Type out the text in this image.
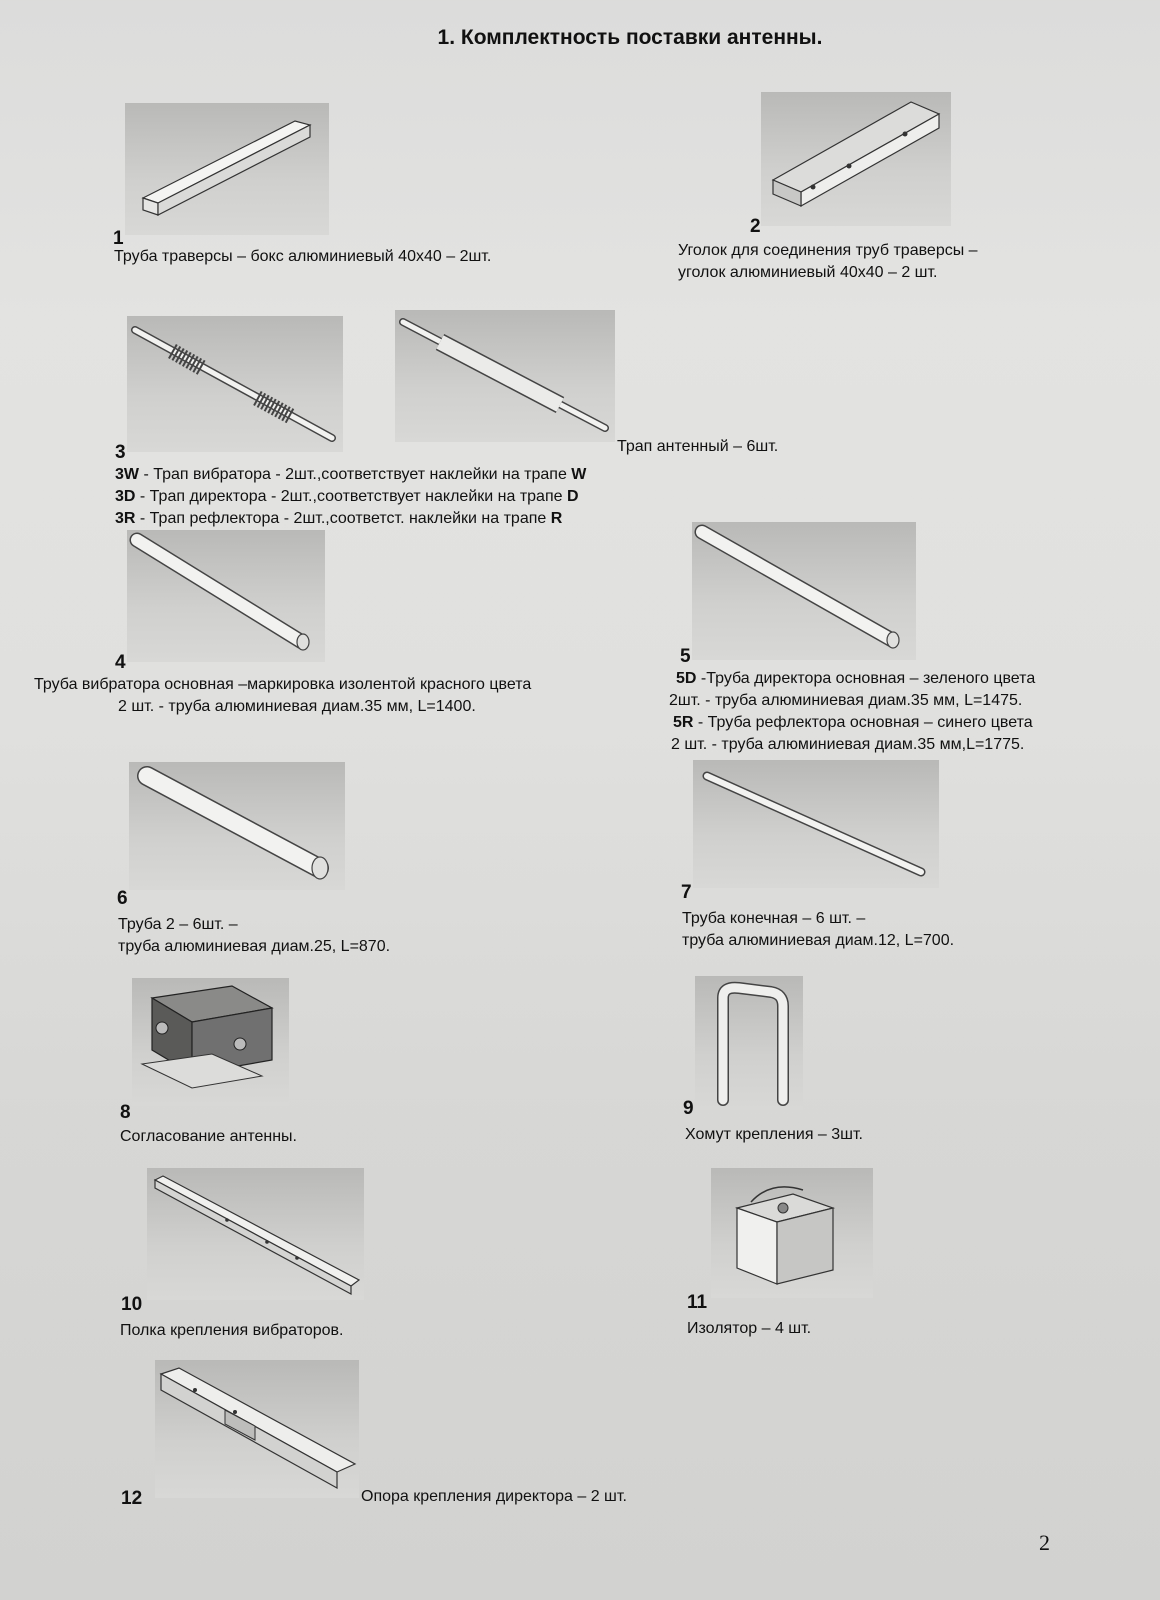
1. Комплектность поставки антенны.
1
Труба траверсы – бокс алюминиевый 40х40 – 2шт.
2
Уголок для соединения труб траверсы –
уголок алюминиевый 40х40 – 2 шт.
3	Трап антенный – 6шт.
3W - Трап вибратора - 2шт.,соответствует наклейки на трапе W
3D - Трап директора - 2шт.,соответствует наклейки на трапе D
3R - Трап рефлектора - 2шт.,соответст. наклейки на трапе R
4
Труба вибратора основная –маркировка изолентой красного цвета
2 шт. - труба алюминиевая диам.35 мм, L=1400.
5
5D -Труба директора основная – зеленого цвета
2шт. - труба алюминиевая диам.35 мм, L=1475.
5R - Труба рефлектора основная – синего цвета
2 шт. - труба алюминиевая диам.35 мм,L=1775.
6
Труба 2 – 6шт. –
труба алюминиевая диам.25, L=870.
7
Труба конечная – 6 шт. –
труба алюминиевая диам.12, L=700.
8
Согласование антенны.
9
Хомут крепления – 3шт.
10
Полка крепления вибраторов.
11
Изолятор – 4 шт.
12	Опора крепления директора – 2 шт.
2
